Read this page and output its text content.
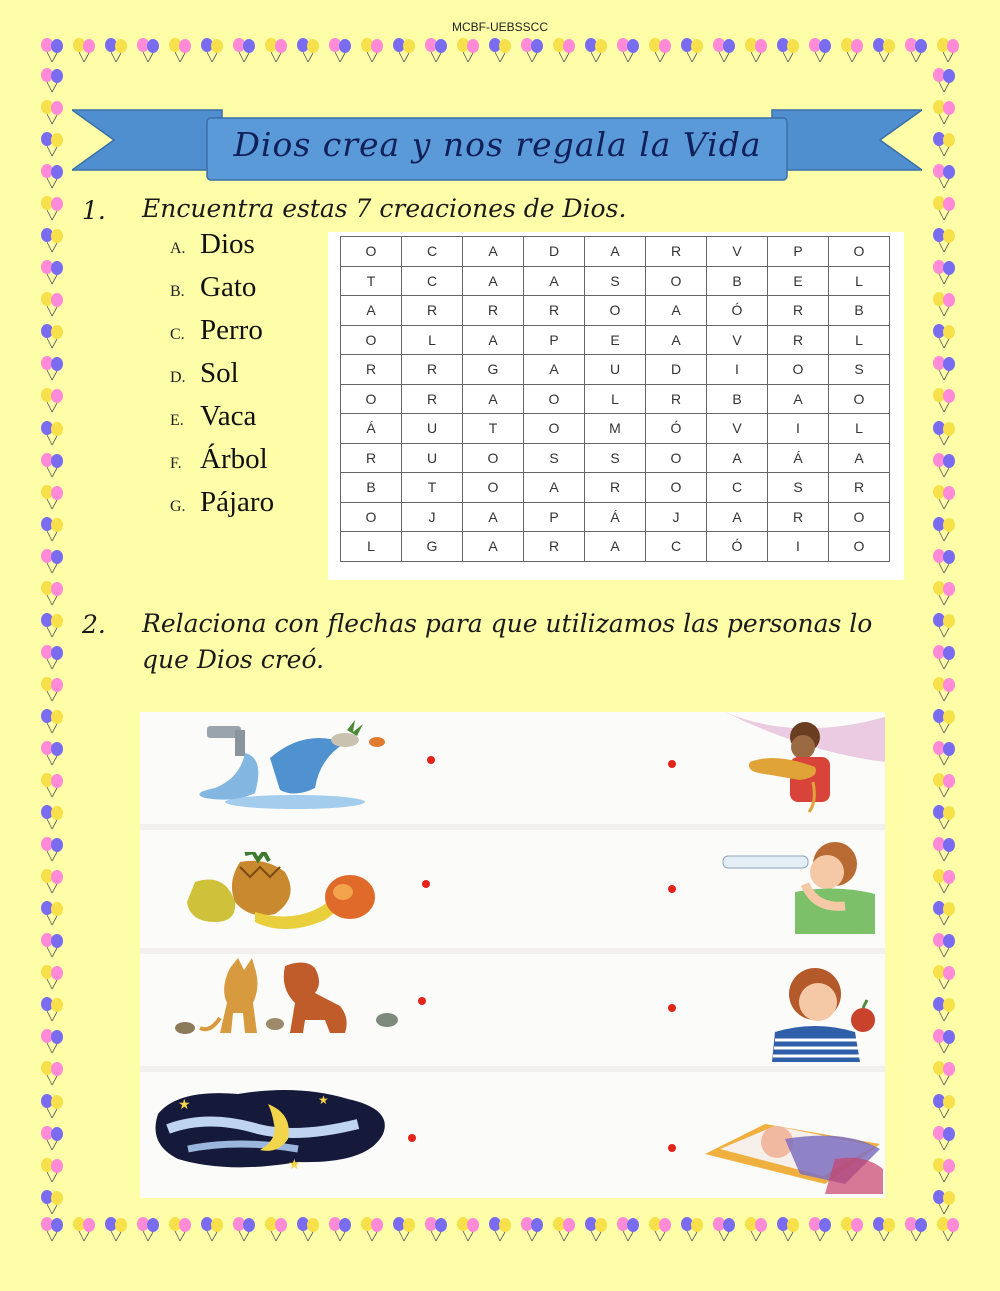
MCBF-UEBSSCC
Dios crea y nos regala la Vida
1. Encuentra estas 7 creaciones de Dios.
A. Dios
B. Gato
C. Perro
D. Sol
E. Vaca
F. Árbol
G. Pájaro
O	C	A	D	A	R	V	P	O
T	C	A	A	S	O	B	E	L
A	R	R	R	O	A	Ó	R	B
O	L	A	P	E	A	V	R	L
R	R	G	A	U	D	I	O	S
O	R	A	O	L	R	B	A	O
Á	U	T	O	M	Ó	V	I	L
R	U	O	S	S	O	A	Á	A
B	T	O	A	R	O	C	S	R
O	J	A	P	Á	J	A	R	O
L	G	A	R	A	C	Ó	I	O
2. Relaciona con flechas para que utilizamos las personas lo que Dios creó.
★	★
★
